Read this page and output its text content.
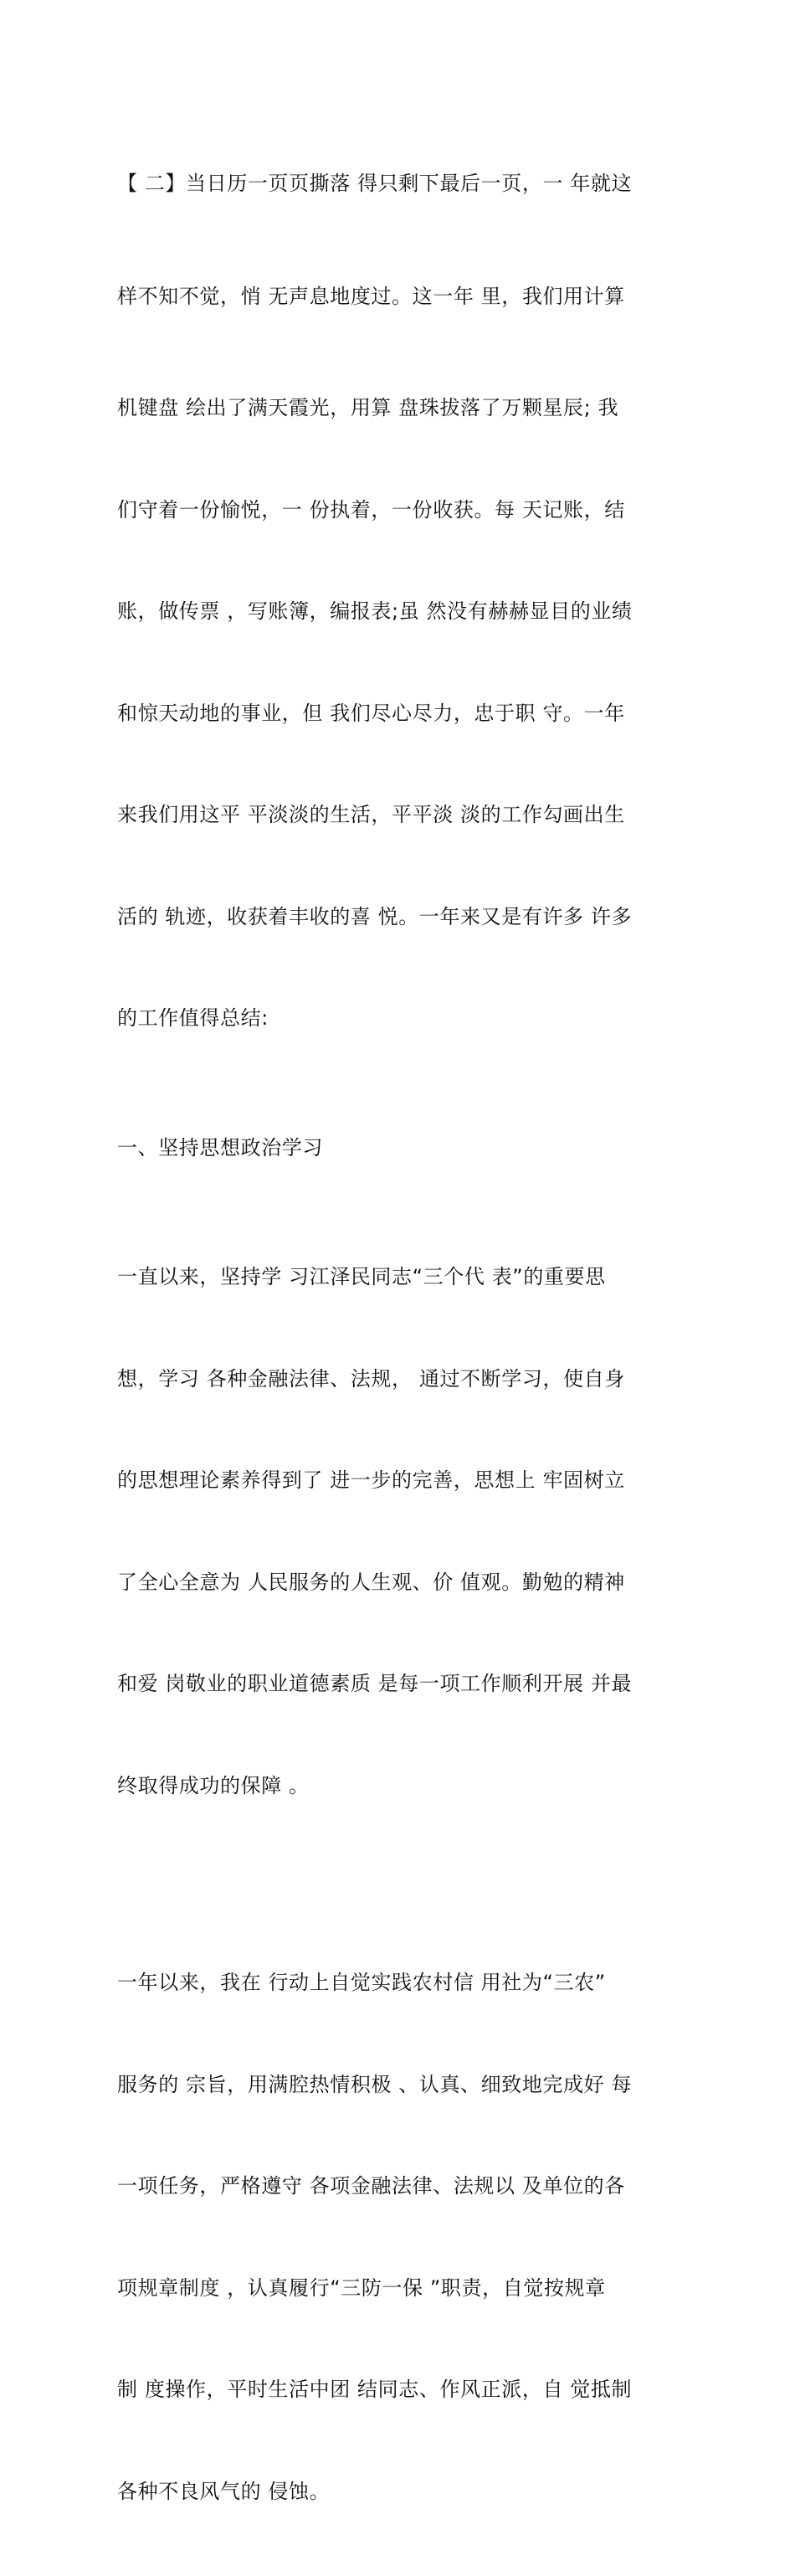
【 二】当日历一页页撕落 得只剩下最后一页，一 年就这

样不知不觉，悄 无声息地度过。这一年 里，我们用计算

机键盘 绘出了满天霞光，用算 盘珠拔落了万颗星辰; 我

们守着一份愉悦，一 份执着，一份收获。每 天记账，结

账，做传票 ，写账簿，编报表;虽 然没有赫赫显目的业绩

和惊天动地的事业，但 我们尽心尽力，忠于职 守。一年

来我们用这平 平淡淡的生活，平平淡 淡的工作勾画出生

活的 轨迹，收获着丰收的喜 悦。一年来又是有许多 许多

的工作值得总结:

一、坚持思想政治学习

一直以来，坚持学 习江泽民同志“三个代 表”的重要思

想，学习 各种金融法律、法规， 通过不断学习，使自身

的思想理论素养得到了 进一步的完善，思想上 牢固树立

了全心全意为 人民服务的人生观、价 值观。勤勉的精神

和爱 岗敬业的职业道德素质 是每一项工作顺利开展 并最

终取得成功的保障 。

一年以来，我在 行动上自觉实践农村信 用社为“三农”

服务的 宗旨，用满腔热情积极 、认真、细致地完成好 每

一项任务，严格遵守 各项金融法律、法规以 及单位的各

项规章制度 ，认真履行“三防一保 ”职责，自觉按规章

制 度操作，平时生活中团 结同志、作风正派，自 觉抵制

各种不良风气的 侵蚀。
